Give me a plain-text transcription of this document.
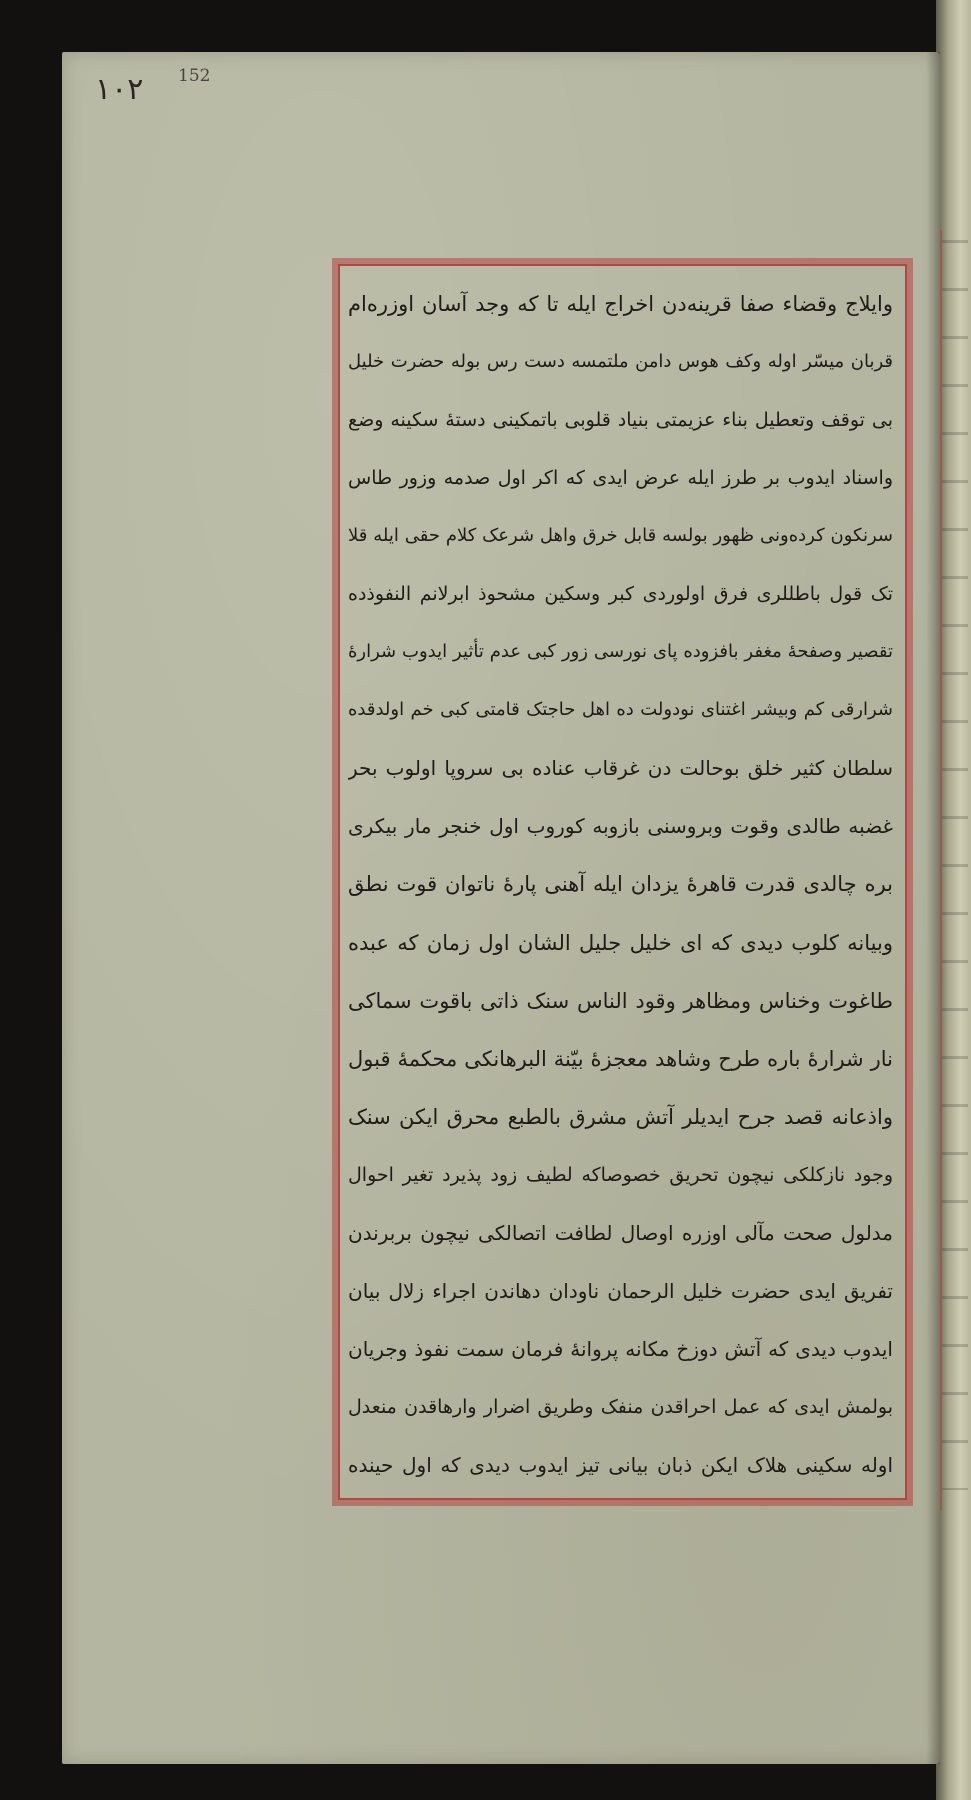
١٠٢ 152
وایلاج وقضاء صفا قرینه‌دن اخراج ایله تا که وجد آسان اوزره‌ام
قربان میسّر اوله وکف هوس دامن ملتمسه دست رس بوله حضرت خلیل
بی توقف وتعطیل بناء عزیمتی بنیاد قلوبی باتمکینی دستهٔ سکینه وضع
واسناد ایدوب بر طرز ایله عرض ایدی که اکر اول صدمه وزور طاس
سرنکون کرده‌ونی ظهور بولسه قابل خرق واهل شرعک کلام حقی ایله قلا
تک قول باطللری فرق اولوردی کبر وسکین مشحوذ ابرلانم النفوذده
تقصیر وصفحهٔ مغفر بافزوده پای نورسی زور کبی عدم تأثیر ایدوب شرارهٔ
شرارقی کم وبیشر اغتنای نودولت ده اهل حاجتک قامتی کبی خم اولدقده
سلطان کثیر خلق بوحالت دن غرقاب عناده بی سروپا اولوب بحر
غضبه طالدی وقوت وبروسنی بازوبه کوروب اول خنجر مار بیکری
بره چالدی قدرت قاهرهٔ یزدان ایله آهنی پارهٔ ناتوان قوت نطق
وبیانه کلوب دیدی که ای خلیل جلیل الشان اول زمان که عبده
طاغوت وخناس ومظاهر وقود الناس سنک ذاتی باقوت سماکی
نار شرارهٔ باره طرح وشاهد معجزهٔ بیّنة البرهانکی محکمهٔ قبول
واذعانه قصد جرح ایدیلر آتش مشرق بالطبع محرق ایکن سنک
وجود نازکلکی نیچون تحریق خصوصاکه لطیف زود پذیرد تغیر احوال
مدلول صحت مآلی اوزره اوصال لطافت اتصالکی نیچون بربرندن
تفریق ایدی حضرت خلیل الرحمان ناودان دهاندن اجراء زلال بیان
ایدوب دیدی که آتش دوزخ مکانه پروانهٔ فرمان سمت نفوذ وجریان
بولمش ایدی که عمل احراقدن منفک وطریق اضرار وارهاقدن منعدل
اوله سکینی هلاک ایکن ذبان بیانی تیز ایدوب دیدی که اول حینده
